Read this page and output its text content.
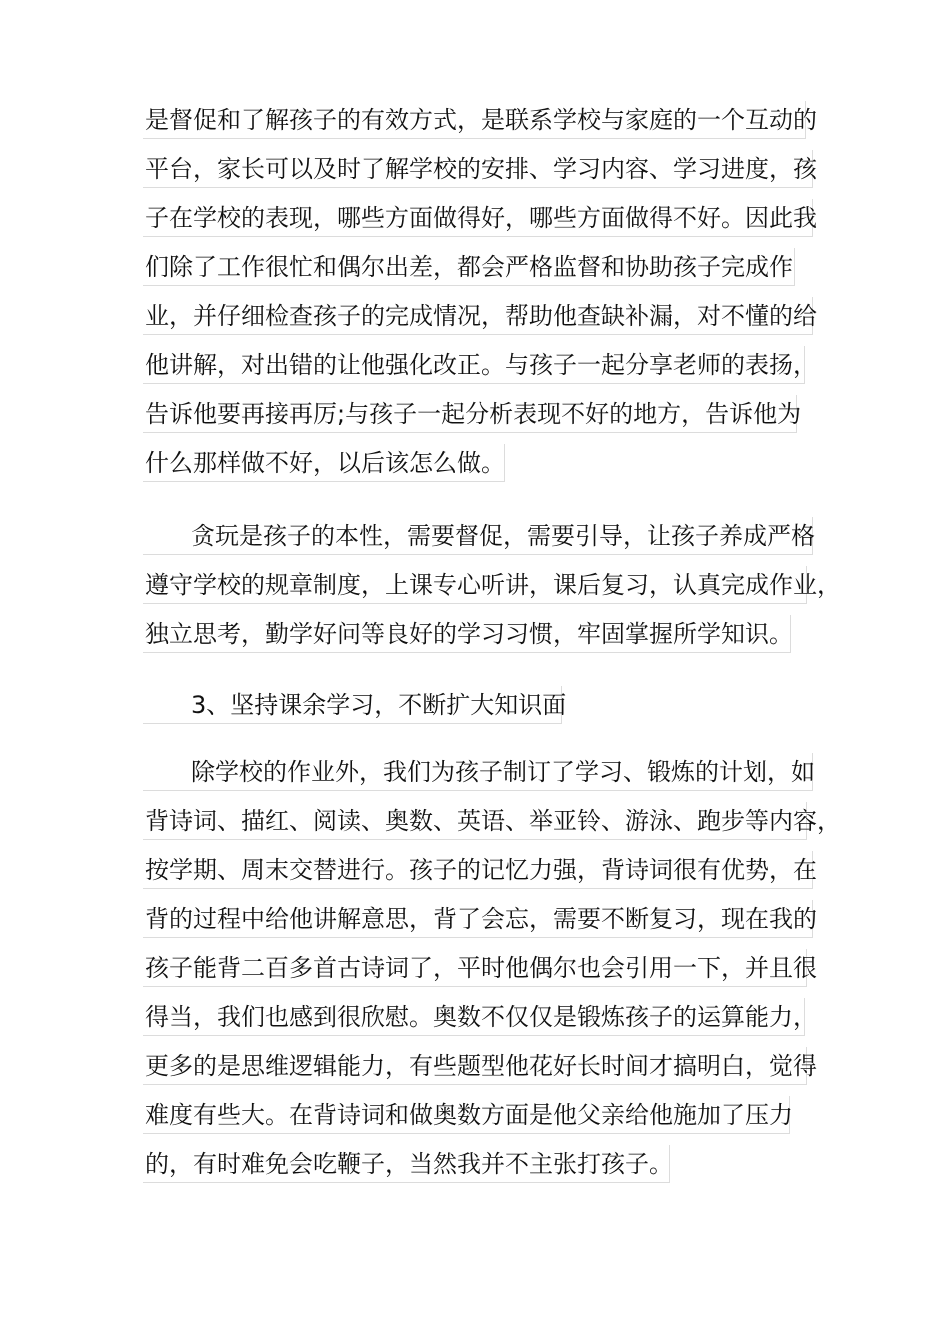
是督促和了解孩子的有效方式，是联系学校与家庭的一个互动的
平台，家长可以及时了解学校的安排、学习内容、学习进度，孩
子在学校的表现，哪些方面做得好，哪些方面做得不好。因此我
们除了工作很忙和偶尔出差，都会严格监督和协助孩子完成作
业，并仔细检查孩子的完成情况，帮助他查缺补漏，对不懂的给
他讲解，对出错的让他强化改正。与孩子一起分享老师的表扬，
告诉他要再接再厉;与孩子一起分析表现不好的地方，告诉他为
什么那样做不好，以后该怎么做。
贪玩是孩子的本性，需要督促，需要引导，让孩子养成严格
遵守学校的规章制度，上课专心听讲，课后复习，认真完成作业，
独立思考，勤学好问等良好的学习习惯，牢固掌握所学知识。
3、坚持课余学习，不断扩大知识面
除学校的作业外，我们为孩子制订了学习、锻炼的计划，如
背诗词、描红、阅读、奥数、英语、举亚铃、游泳、跑步等内容，
按学期、周末交替进行。孩子的记忆力强，背诗词很有优势，在
背的过程中给他讲解意思，背了会忘，需要不断复习，现在我的
孩子能背二百多首古诗词了，平时他偶尔也会引用一下，并且很
得当，我们也感到很欣慰。奥数不仅仅是锻炼孩子的运算能力，
更多的是思维逻辑能力，有些题型他花好长时间才搞明白，觉得
难度有些大。在背诗词和做奥数方面是他父亲给他施加了压力
的，有时难免会吃鞭子，当然我并不主张打孩子。
